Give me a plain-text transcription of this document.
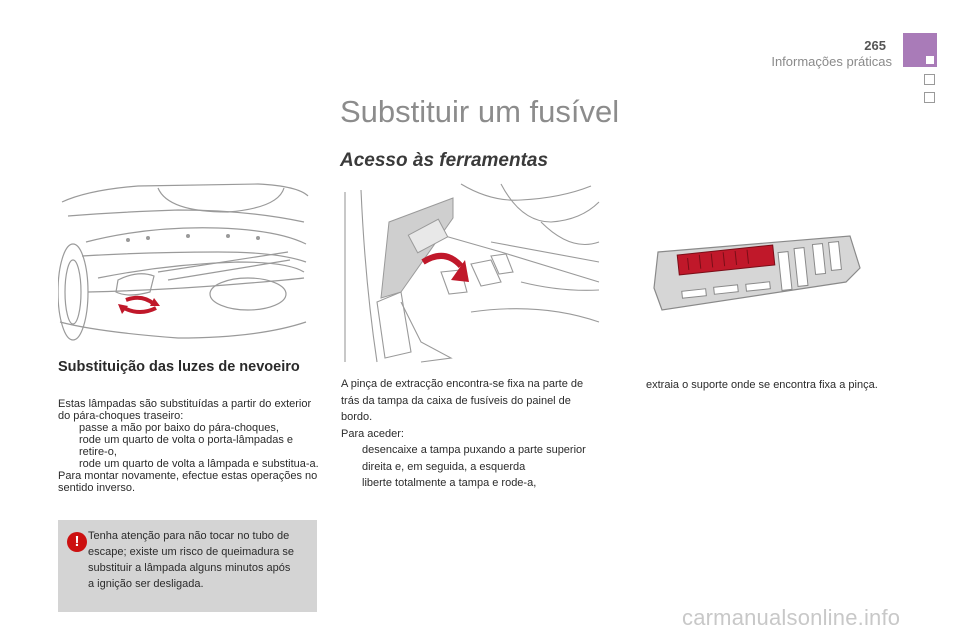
265
Informações práticas
Substituir um fusível
Acesso às ferramentas
Substituição das luzes de nevoeiro

Estas lâmpadas são substituídas a partir do exterior do pára-choques traseiro:

passe a mão por baixo do pára-choques,

rode um quarto de volta o porta-lâmpadas e retire-o,

rode um quarto de volta a lâmpada e substitua-a.

Para montar novamente, efectue estas operações no sentido inverso.

! Tenha atenção para não tocar no tubo de escape; existe um risco de queimadura se substituir a lâmpada alguns minutos após a ignição ser desligada.

A pinça de extracção encontra-se fixa na parte de trás da tampa da caixa de fusíveis do painel de bordo.

Para aceder:

desencaixe a tampa puxando a parte superior direita e, em seguida, a esquerda

liberte totalmente a tampa e rode-a,

extraia o suporte onde se encontra fixa a pinça.

carmanualsonline.info
